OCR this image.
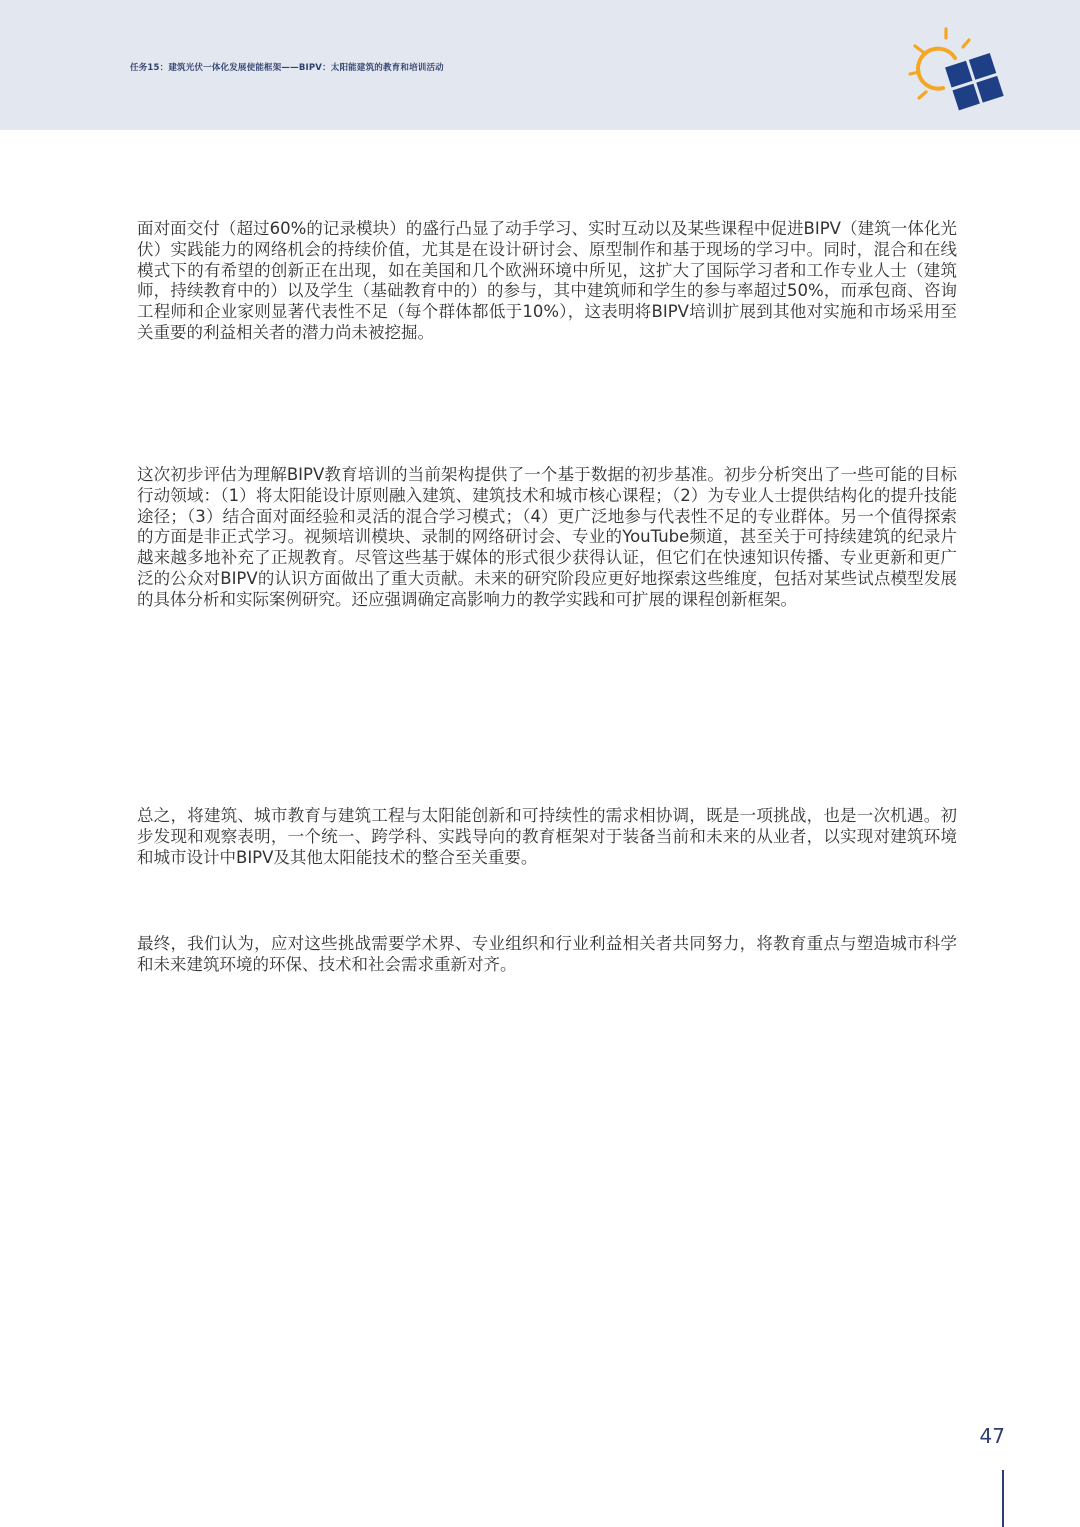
任务15：建筑光伏一体化发展使能框架——BIPV：太阳能建筑的教育和培训活动

面对面交付（超过60%的记录模块）的盛行凸显了动手学习、实时互动以及某些课程中促进BIPV（建筑一体化光伏）实践能力的网络机会的持续价值，尤其是在设计研讨会、原型制作和基于现场的学习中。同时，混合和在线模式下的有希望的创新正在出现，如在美国和几个欧洲环境中所见，这扩大了国际学习者和工作专业人士（建筑师，持续教育中的）以及学生（基础教育中的）的参与，其中建筑师和学生的参与率超过50%，而承包商、咨询工程师和企业家则显著代表性不足（每个群体都低于10%），这表明将BIPV培训扩展到其他对实施和市场采用至关重要的利益相关者的潜力尚未被挖掘。

这次初步评估为理解BIPV教育培训的当前架构提供了一个基于数据的初步基准。初步分析突出了一些可能的目标行动领域：（1）将太阳能设计原则融入建筑、建筑技术和城市核心课程；（2）为专业人士提供结构化的提升技能途径；（3）结合面对面经验和灵活的混合学习模式；（4）更广泛地参与代表性不足的专业群体。另一个值得探索的方面是非正式学习。视频培训模块、录制的网络研讨会、专业的YouTube频道，甚至关于可持续建筑的纪录片越来越多地补充了正规教育。尽管这些基于媒体的形式很少获得认证，但它们在快速知识传播、专业更新和更广泛的公众对BIPV的认识方面做出了重大贡献。未来的研究阶段应更好地探索这些维度，包括对某些试点模型发展的具体分析和实际案例研究。还应强调确定高影响力的教学实践和可扩展的课程创新框架。

总之，将建筑、城市教育与建筑工程与太阳能创新和可持续性的需求相协调，既是一项挑战，也是一次机遇。初步发现和观察表明，一个统一、跨学科、实践导向的教育框架对于装备当前和未来的从业者，以实现对建筑环境和城市设计中BIPV及其他太阳能技术的整合至关重要。

最终，我们认为，应对这些挑战需要学术界、专业组织和行业利益相关者共同努力，将教育重点与塑造城市科学和未来建筑环境的环保、技术和社会需求重新对齐。

47
